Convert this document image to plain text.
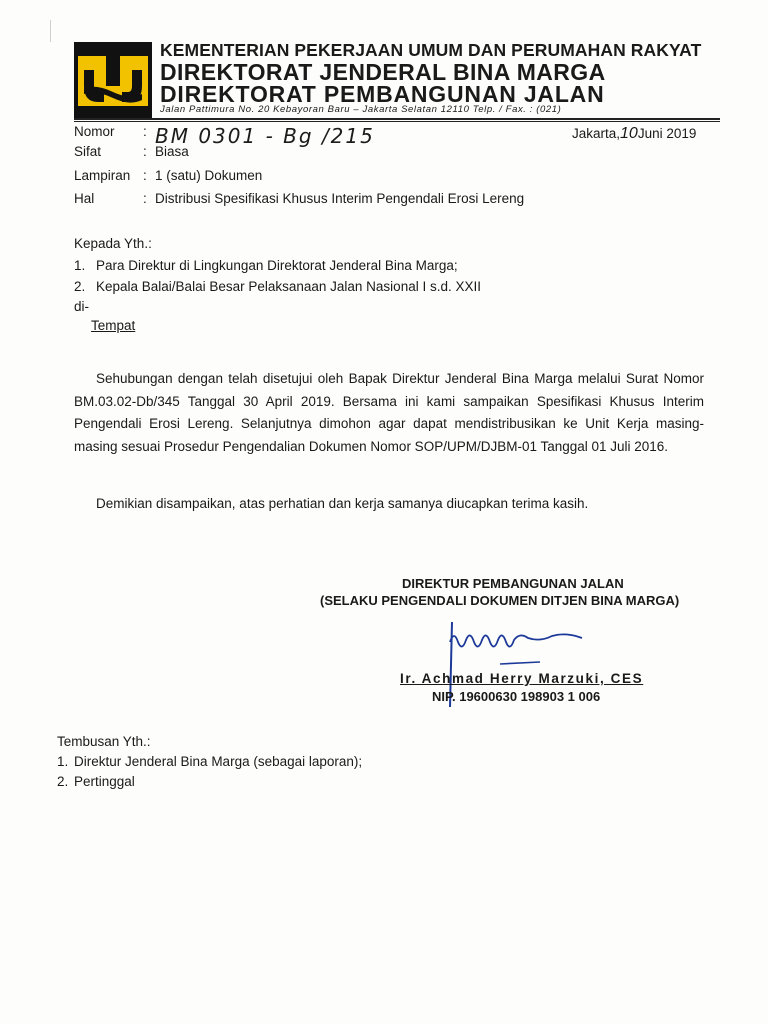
KEMENTERIAN PEKERJAAN UMUM DAN PERUMAHAN RAKYAT
DIREKTORAT JENDERAL BINA MARGA
DIREKTORAT PEMBANGUNAN JALAN
Jalan Pattimura No. 20 Kebayoran Baru – Jakarta Selatan 12110 Telp. / Fax. : (021)
Nomor : BM 0301 - Bg /215	Jakarta,10Juni 2019
Sifat	: Biasa
Lampiran : 1 (satu) Dokumen
Hal	: Distribusi Spesifikasi Khusus Interim Pengendali Erosi Lereng
Kepada Yth.:
1. Para Direktur di Lingkungan Direktorat Jenderal Bina Marga;
2. Kepala Balai/Balai Besar Pelaksanaan Jalan Nasional I s.d. XXII
di-
Tempat
Sehubungan dengan telah disetujui oleh Bapak Direktur Jenderal Bina Marga melalui Surat Nomor BM.03.02-Db/345 Tanggal 30 April 2019. Bersama ini kami sampaikan Spesifikasi Khusus Interim Pengendali Erosi Lereng. Selanjutnya dimohon agar dapat mendistribusikan ke Unit Kerja masing-masing sesuai Prosedur Pengendalian Dokumen Nomor SOP/UPM/DJBM-01 Tanggal 01 Juli 2016.
Demikian disampaikan, atas perhatian dan kerja samanya diucapkan terima kasih.
DIREKTUR PEMBANGUNAN JALAN
(SELAKU PENGENDALI DOKUMEN DITJEN BINA MARGA)
Ir. Achmad Herry Marzuki, CES
NIP. 19600630 198903 1 006
Tembusan Yth.:
1. Direktur Jenderal Bina Marga (sebagai laporan);
2. Pertinggal
